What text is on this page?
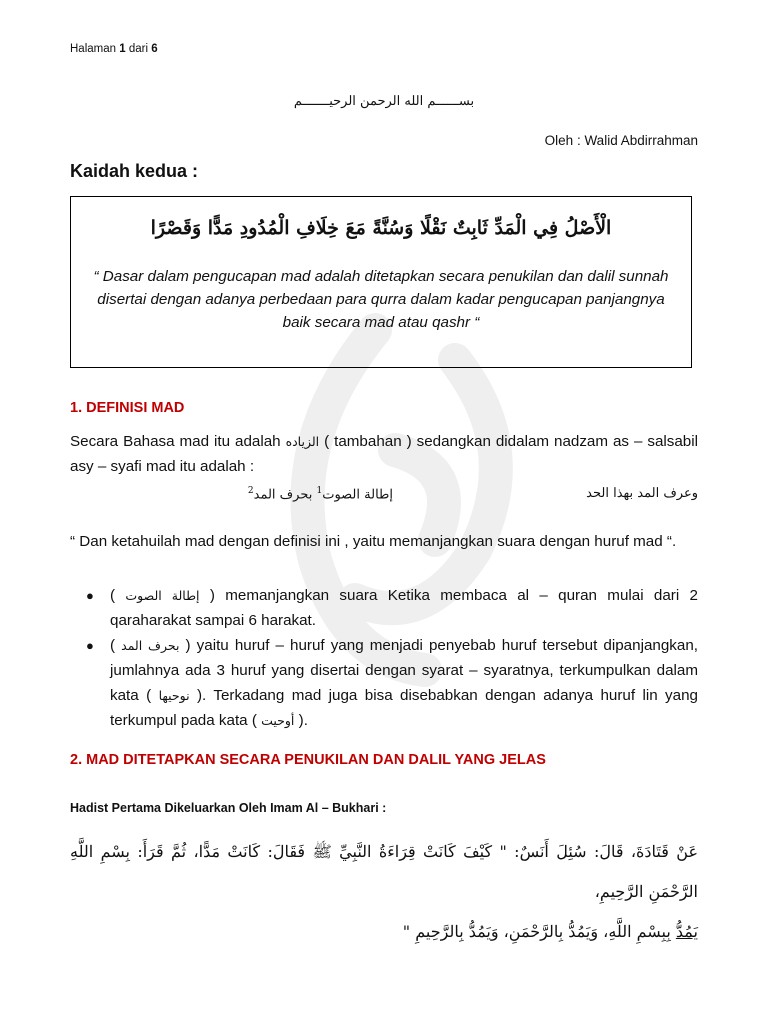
Halaman 1 dari 6
بســــــم الله الرحمن الرحيـــــــم
Oleh : Walid Abdirrahman
Kaidah kedua :
الْأَصْلُ فِي الْمَدِّ ثَابِتٌ نَقْلًا وَسُنَّةً مَعَ خِلَافِ الْمُدُودِ مَدًّا وَقَصْرًا
“ Dasar dalam pengucapan mad adalah ditetapkan secara penukilan dan dalil sunnah disertai dengan adanya perbedaan para qurra dalam kadar pengucapan panjangnya baik secara mad atau qashr “
1. DEFINISI MAD
Secara Bahasa mad itu adalah الزياده ( tambahan ) sedangkan didalam nadzam as – salsabil asy – syafi mad itu adalah :
وعرف المد بهذا الحد
إطالة الصوت$^1$ بحرف المد$^2$
“ Dan ketahuilah mad dengan definisi ini , yaitu memanjangkan suara dengan huruf mad “.
● ( إطالة الصوت ) memanjangkan suara Ketika membaca al – quran mulai dari 2 qaraharakat sampai 6 harakat.
● ( بحرف المد ) yaitu huruf – huruf yang menjadi penyebab huruf tersebut dipanjangkan, jumlahnya ada 3 huruf yang disertai dengan syarat – syaratnya, terkumpulkan dalam kata ( نوحيها ). Terkadang mad juga bisa disebabkan dengan adanya huruf lin yang terkumpul pada kata ( أوحيت ).
2. MAD DITETAPKAN SECARA PENUKILAN DAN DALIL YANG JELAS
Hadist Pertama Dikeluarkan Oleh Imam Al – Bukhari :
عَنْ قَتَادَةَ، قَالَ: سُئِلَ أَنَسٌ: " كَيْفَ كَانَتْ قِرَاءَةُ النَّبِيِّ ﷺ فَقَالَ: كَانَتْ مَدًّا، ثُمَّ قَرَأَ: بِسْمِ اللَّهِ الرَّحْمَنِ الرَّحِيمِ،
يَمُدُّ بِبِسْمِ اللَّهِ، وَيَمُدُّ بِالرَّحْمَنِ، وَيَمُدُّ بِالرَّحِيمِ "
